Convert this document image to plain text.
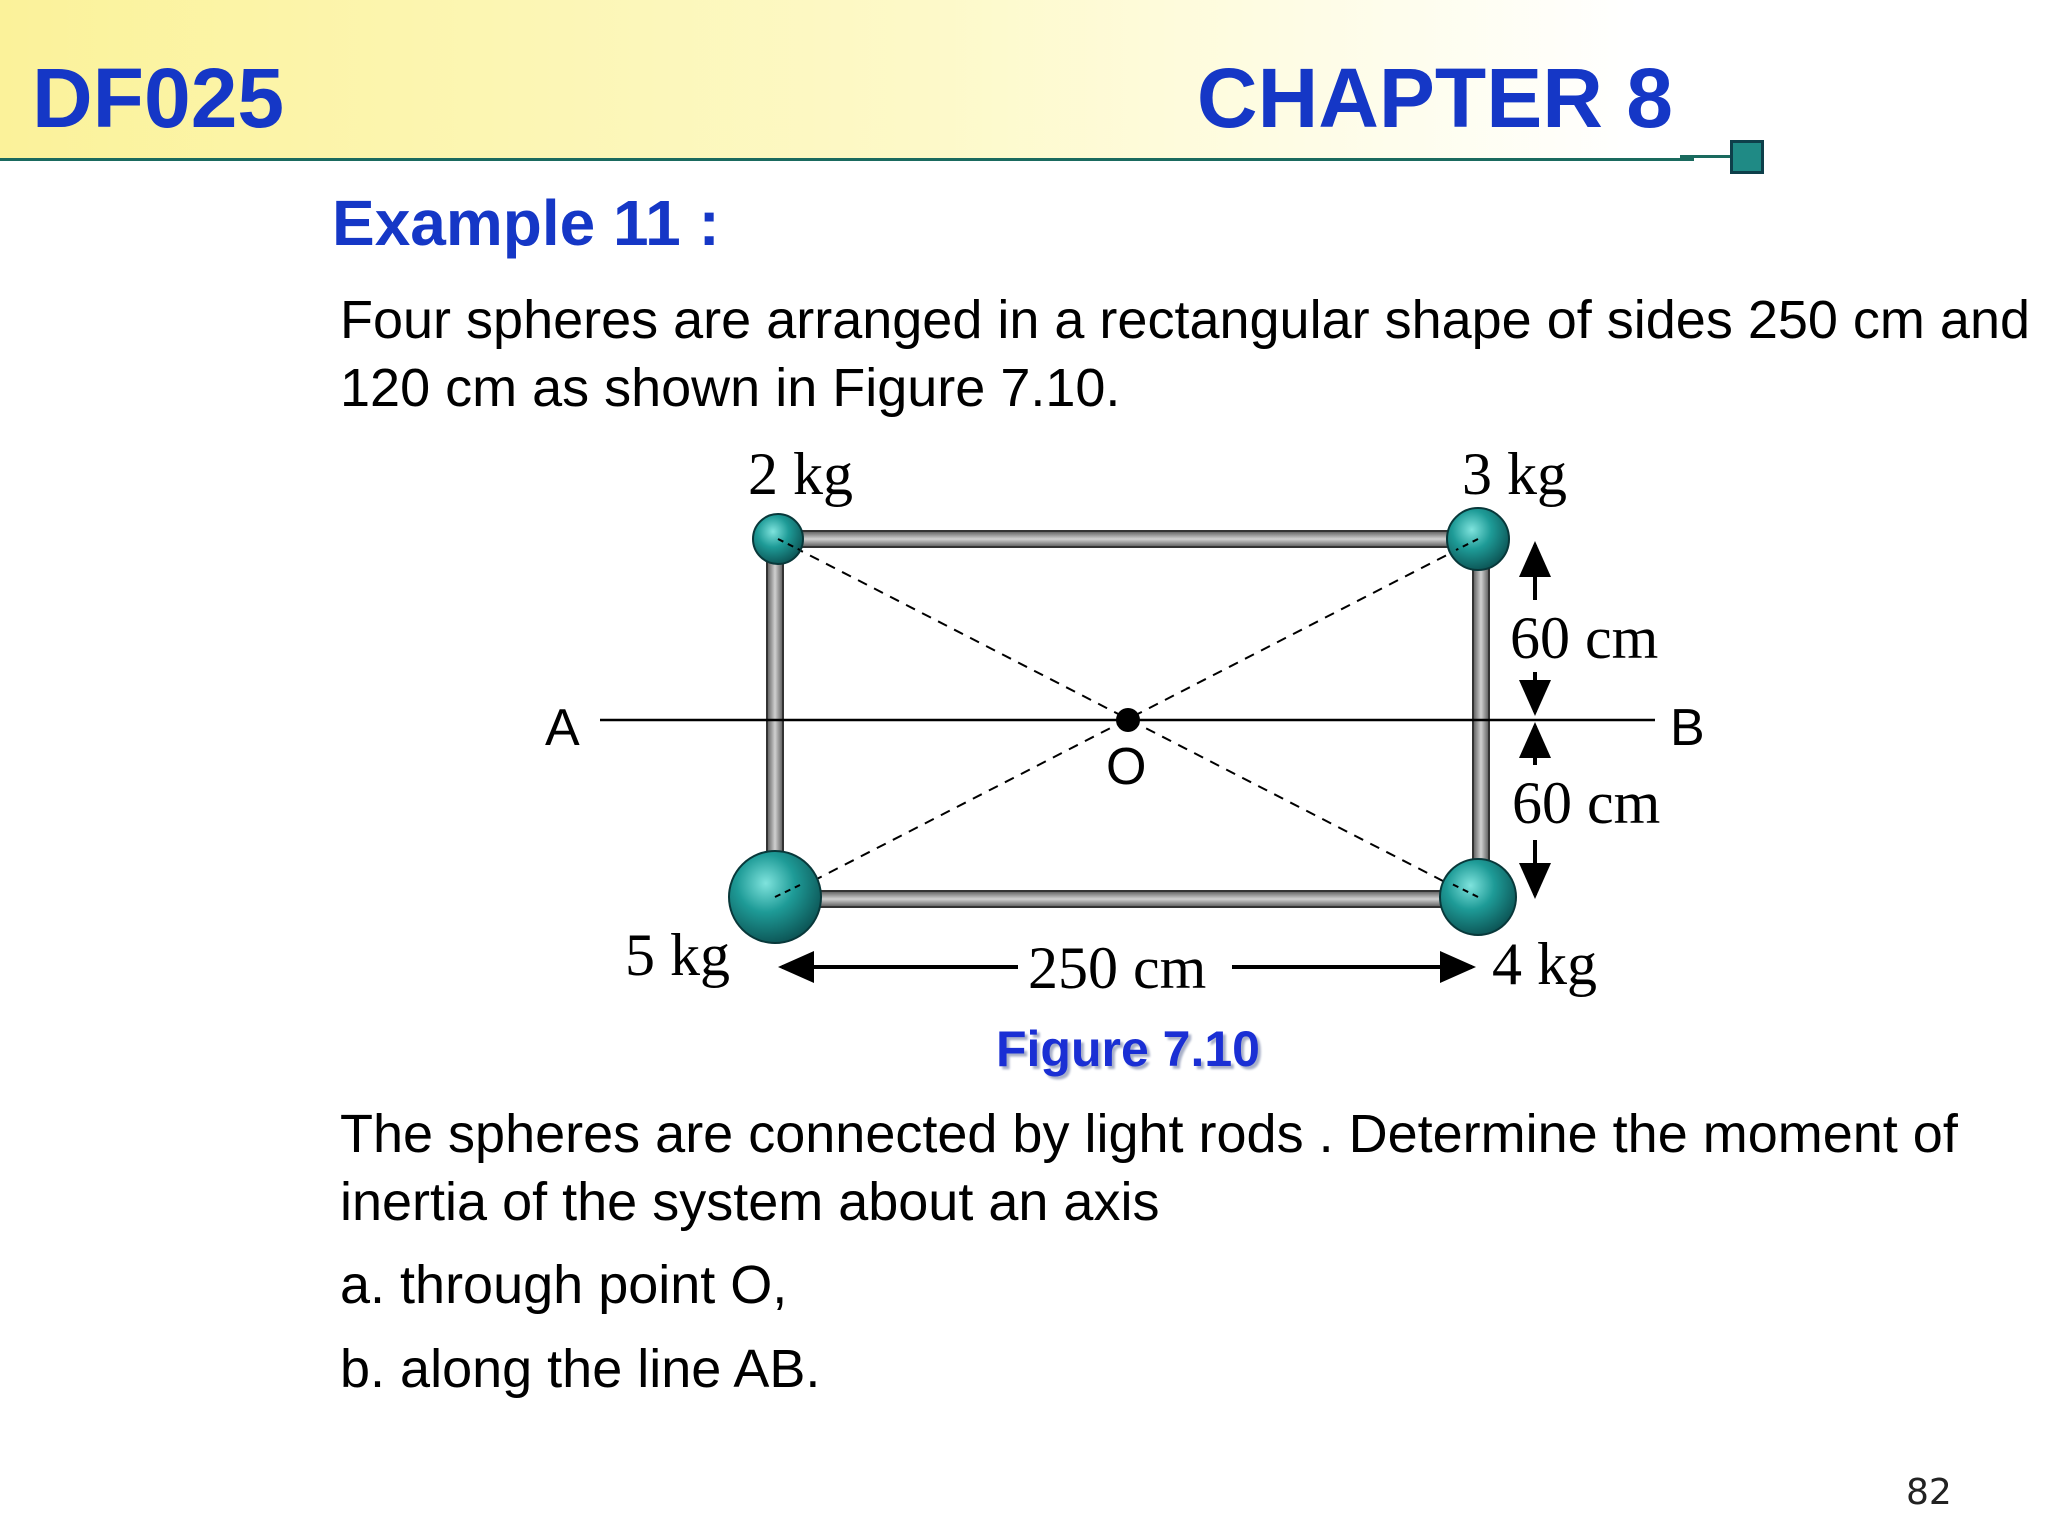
DF025	CHAPTER 8
Example 11 :

Four spheres are arranged in a rectangular shape of sides 250 cm and 120 cm as shown in Figure 7.10.

2 kg	3 kg
5 kg	4 kg
60 cm
60 cm
250 cm
A	B
O

Figure 7.10

The spheres are connected by light rods . Determine the moment of inertia of the system about an axis

a. through point O,

b. along the line AB.

82
